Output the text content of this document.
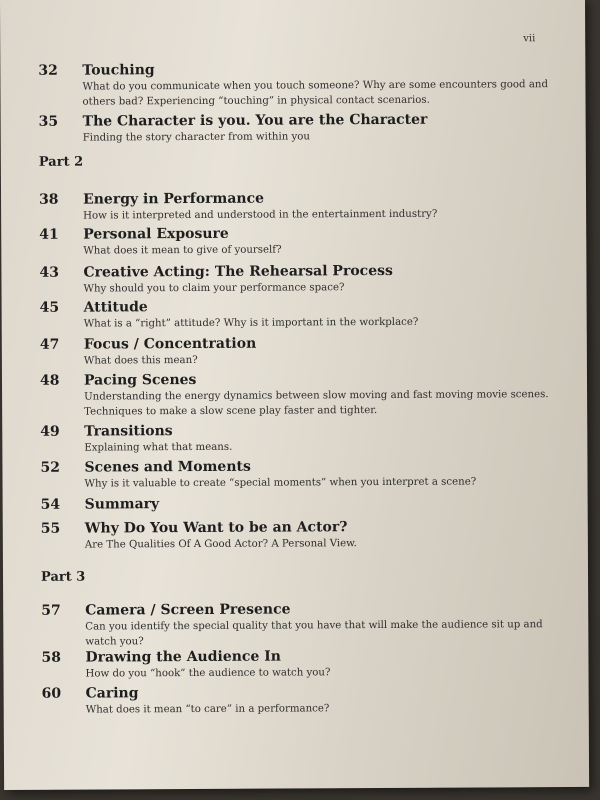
vii
32 Touching
What do you communicate when you touch someone? Why are some encounters good and others bad? Experiencing “touching” in physical contact scenarios.
35 The Character is you. You are the Character
Finding the story character from within you
Part 2
38 Energy in Performance
How is it interpreted and understood in the entertainment industry?
41 Personal Exposure
What does it mean to give of yourself?
43 Creative Acting: The Rehearsal Process
Why should you to claim your performance space?
45 Attitude
What is a “right” attitude? Why is it important in the workplace?
47 Focus / Concentration
What does this mean?
48 Pacing Scenes
Understanding the energy dynamics between slow moving and fast moving movie scenes. Techniques to make a slow scene play faster and tighter.
49 Transitions
Explaining what that means.
52 Scenes and Moments
Why is it valuable to create “special moments” when you interpret a scene?
54 Summary
55 Why Do You Want to be an Actor?
Are The Qualities Of A Good Actor? A Personal View.
Part 3
57 Camera / Screen Presence
Can you identify the special quality that you have that will make the audience sit up and watch you?
58 Drawing the Audience In
How do you “hook” the audience to watch you?
60 Caring
What does it mean “to care” in a performance?
